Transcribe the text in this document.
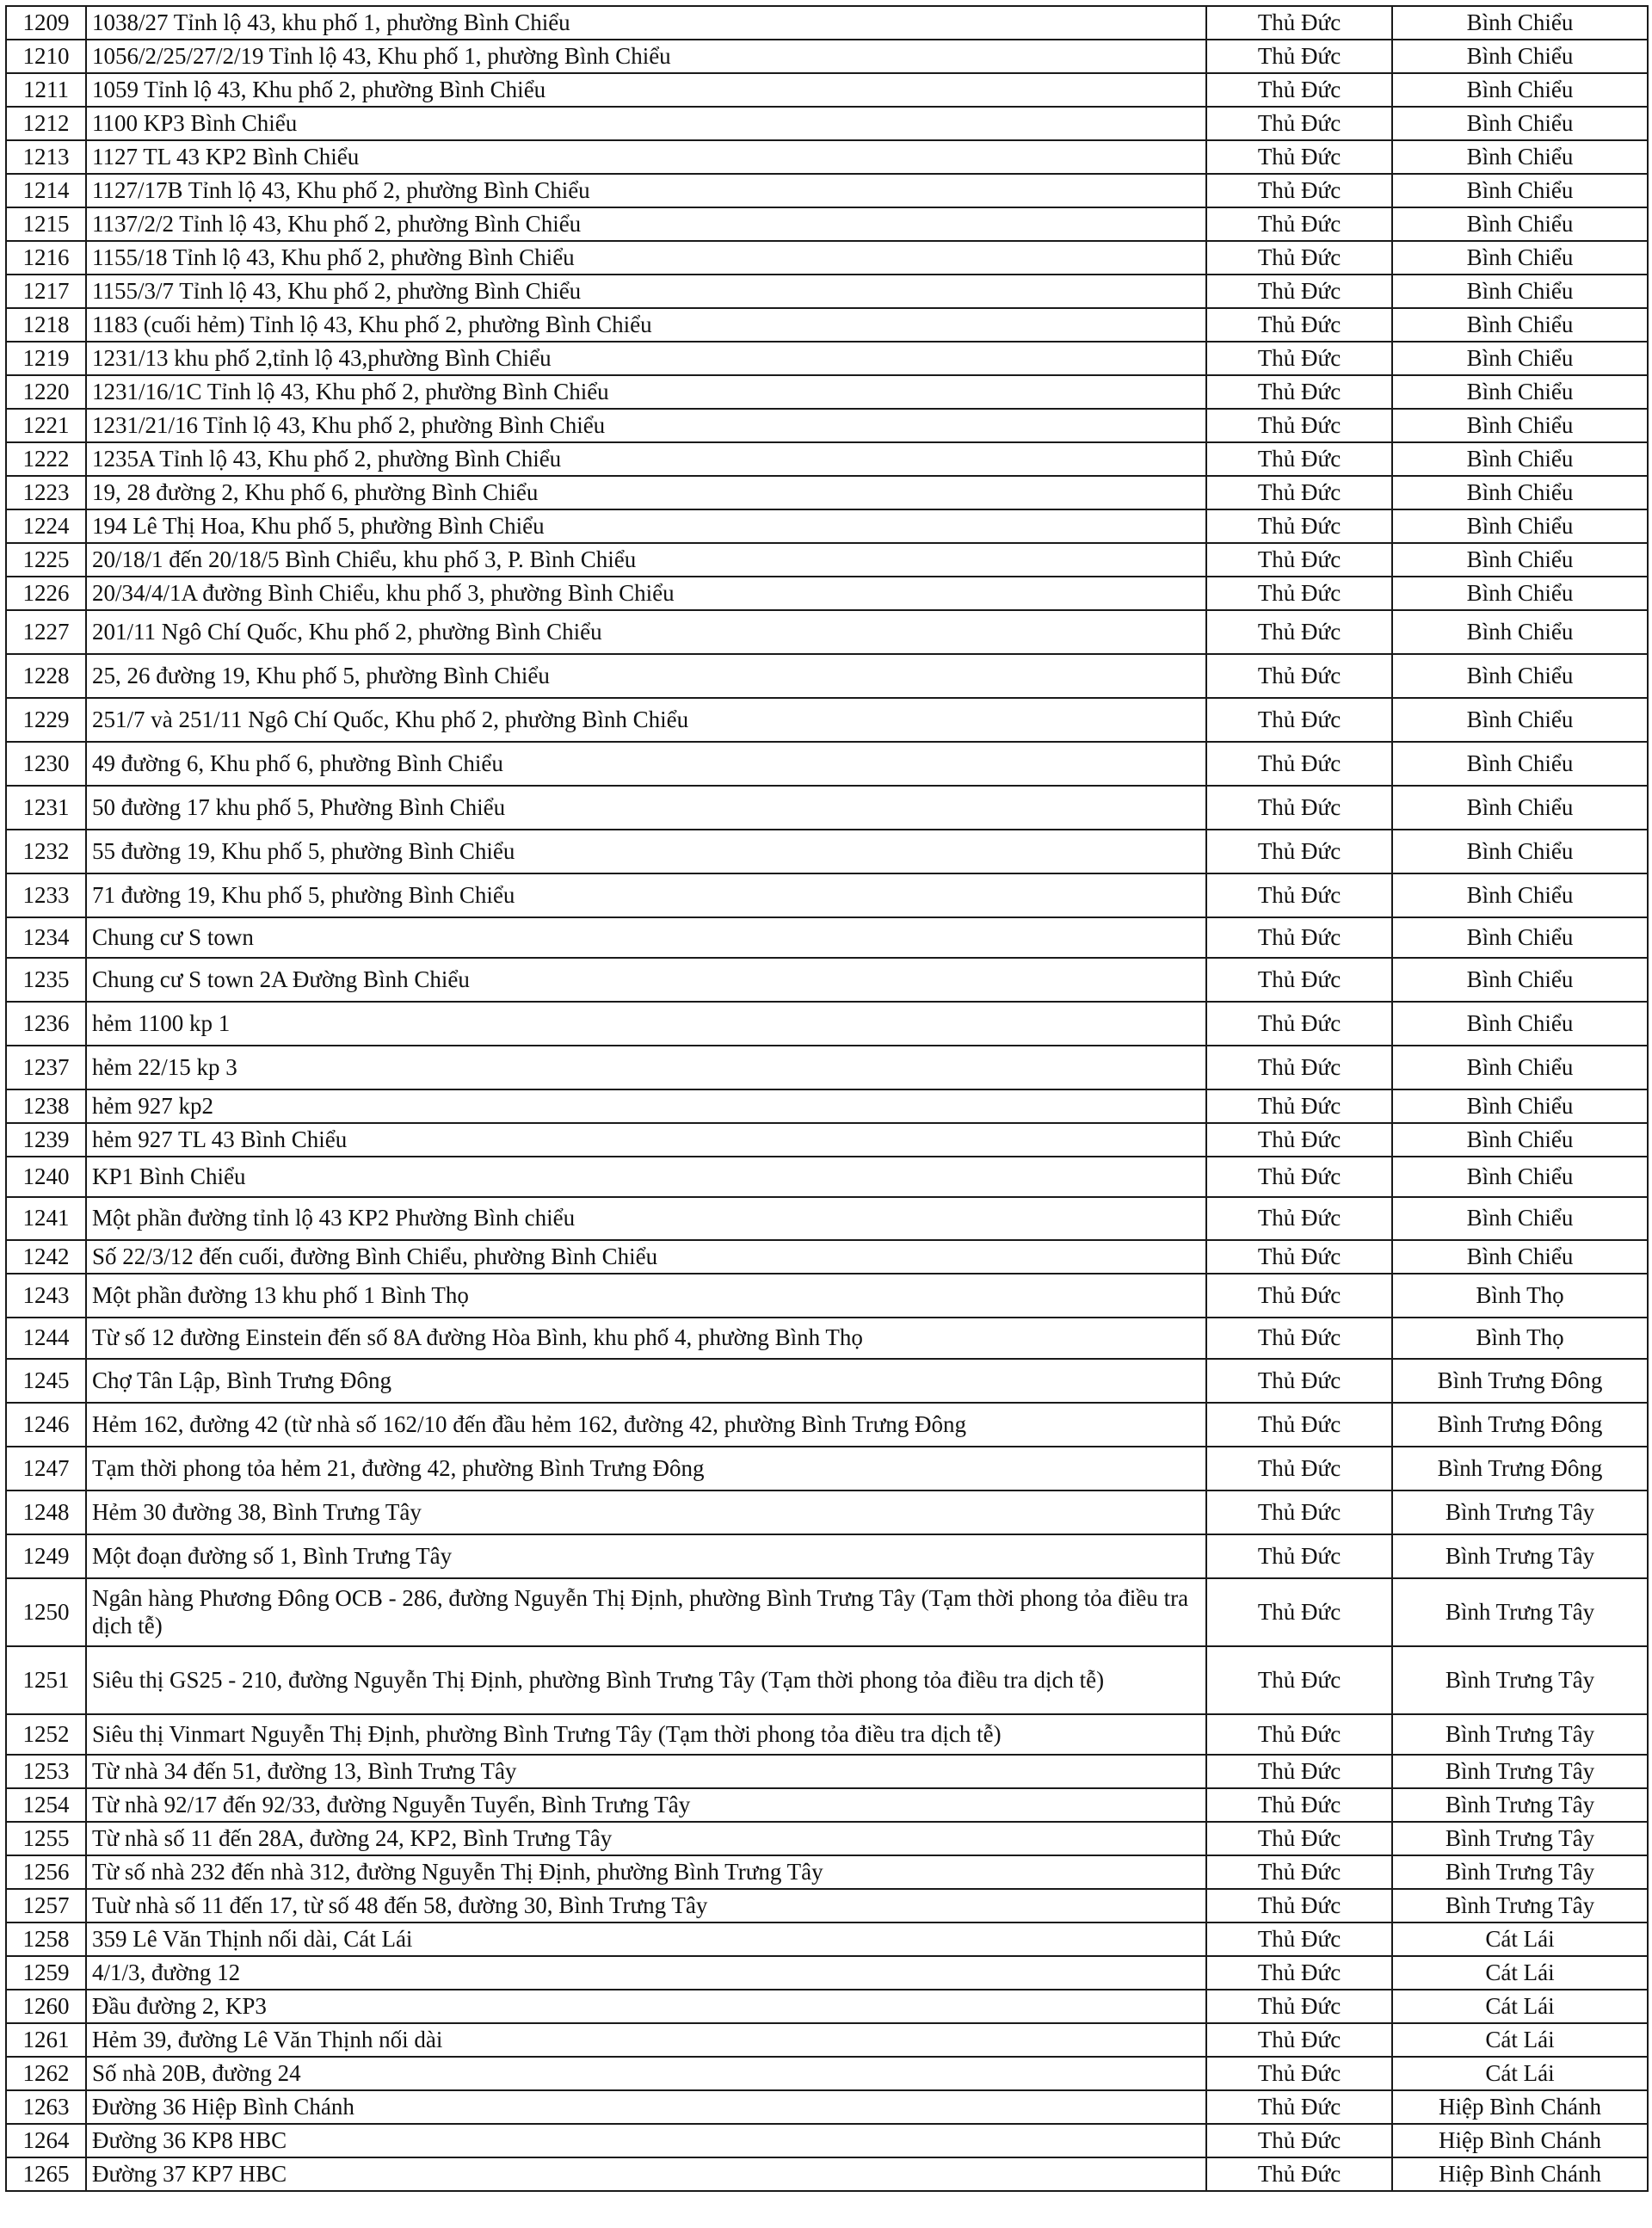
1209	1038/27 Tỉnh lộ 43, khu phố 1, phường Bình Chiểu	Thủ Đức	Bình Chiểu
1210	1056/2/25/27/2/19 Tỉnh lộ 43, Khu phố 1, phường Bình Chiểu	Thủ Đức	Bình Chiểu
1211	1059 Tỉnh lộ 43, Khu phố 2, phường Bình Chiểu	Thủ Đức	Bình Chiểu
1212	1100 KP3 Bình Chiểu	Thủ Đức	Bình Chiểu
1213	1127 TL 43 KP2 Bình Chiểu	Thủ Đức	Bình Chiểu
1214	1127/17B Tỉnh lộ 43, Khu phố 2, phường Bình Chiểu	Thủ Đức	Bình Chiểu
1215	1137/2/2 Tỉnh lộ 43, Khu phố 2, phường Bình Chiểu	Thủ Đức	Bình Chiểu
1216	1155/18 Tỉnh lộ 43, Khu phố 2, phường Bình Chiểu	Thủ Đức	Bình Chiểu
1217	1155/3/7 Tỉnh lộ 43, Khu phố 2, phường Bình Chiểu	Thủ Đức	Bình Chiểu
1218	1183 (cuối hẻm) Tỉnh lộ 43, Khu phố 2, phường Bình Chiểu	Thủ Đức	Bình Chiểu
1219	1231/13 khu phố 2,tỉnh lộ 43,phường Bình Chiểu	Thủ Đức	Bình Chiểu
1220	1231/16/1C Tỉnh lộ 43, Khu phố 2, phường Bình Chiểu	Thủ Đức	Bình Chiểu
1221	1231/21/16 Tỉnh lộ 43, Khu phố 2, phường Bình Chiểu	Thủ Đức	Bình Chiểu
1222	1235A Tỉnh lộ 43, Khu phố 2, phường Bình Chiểu	Thủ Đức	Bình Chiểu
1223	19, 28 đường 2, Khu phố 6, phường Bình Chiểu	Thủ Đức	Bình Chiểu
1224	194 Lê Thị Hoa, Khu phố 5, phường Bình Chiểu	Thủ Đức	Bình Chiểu
1225	20/18/1 đến 20/18/5 Bình Chiểu, khu phố 3, P. Bình Chiểu	Thủ Đức	Bình Chiểu
1226	20/34/4/1A đường Bình Chiểu, khu phố 3, phường Bình Chiểu	Thủ Đức	Bình Chiểu
1227	201/11 Ngô Chí Quốc, Khu phố 2, phường Bình Chiểu	Thủ Đức	Bình Chiểu
1228	25, 26 đường 19, Khu phố 5, phường Bình Chiểu	Thủ Đức	Bình Chiểu
1229	251/7 và 251/11 Ngô Chí Quốc, Khu phố 2, phường Bình Chiểu	Thủ Đức	Bình Chiểu
1230	49 đường 6, Khu phố 6, phường Bình Chiểu	Thủ Đức	Bình Chiểu
1231	50 đường 17 khu phố 5, Phường Bình Chiểu	Thủ Đức	Bình Chiểu
1232	55 đường 19, Khu phố 5, phường Bình Chiểu	Thủ Đức	Bình Chiểu
1233	71 đường 19, Khu phố 5, phường Bình Chiểu	Thủ Đức	Bình Chiểu
1234	Chung cư S town	Thủ Đức	Bình Chiểu
1235	Chung cư S town 2A Đường Bình Chiểu	Thủ Đức	Bình Chiểu
1236	hẻm 1100 kp 1	Thủ Đức	Bình Chiểu
1237	hẻm 22/15 kp 3	Thủ Đức	Bình Chiểu
1238	hẻm 927 kp2	Thủ Đức	Bình Chiểu
1239	hẻm 927 TL 43 Bình Chiểu	Thủ Đức	Bình Chiểu
1240	KP1 Bình Chiểu	Thủ Đức	Bình Chiểu
1241	Một phần đường tỉnh lộ 43 KP2 Phường Bình chiểu	Thủ Đức	Bình Chiểu
1242	Số 22/3/12 đến cuối, đường Bình Chiểu, phường Bình Chiểu	Thủ Đức	Bình Chiểu
1243	Một phần đường 13 khu phố 1 Bình Thọ	Thủ Đức	Bình Thọ
1244	Từ số 12 đường Einstein đến số 8A đường Hòa Bình, khu phố 4, phường Bình Thọ	Thủ Đức	Bình Thọ
1245	Chợ Tân Lập, Bình Trưng Đông	Thủ Đức	Bình Trưng Đông
1246	Hẻm 162, đường 42 (từ nhà số 162/10 đến đầu hẻm 162, đường 42, phường Bình Trưng Đông	Thủ Đức	Bình Trưng Đông
1247	Tạm thời phong tỏa hẻm 21, đường 42, phường Bình Trưng Đông	Thủ Đức	Bình Trưng Đông
1248	Hẻm 30 đường 38, Bình Trưng Tây	Thủ Đức	Bình Trưng Tây
1249	Một đoạn đường số 1, Bình Trưng Tây	Thủ Đức	Bình Trưng Tây
1250	Ngân hàng Phương Đông OCB - 286, đường Nguyễn Thị Định, phường Bình Trưng Tây (Tạm thời phong tỏa điều tra dịch tễ)	Thủ Đức	Bình Trưng Tây
1251	Siêu thị GS25 - 210, đường Nguyễn Thị Định, phường Bình Trưng Tây (Tạm thời phong tỏa điều tra dịch tễ)	Thủ Đức	Bình Trưng Tây
1252	Siêu thị Vinmart Nguyễn Thị Định, phường Bình Trưng Tây (Tạm thời phong tỏa điều tra dịch tễ)	Thủ Đức	Bình Trưng Tây
1253	Từ nhà 34 đến 51, đường 13, Bình Trưng Tây	Thủ Đức	Bình Trưng Tây
1254	Từ nhà 92/17 đến 92/33, đường Nguyễn Tuyển, Bình Trưng Tây	Thủ Đức	Bình Trưng Tây
1255	Từ nhà số 11 đến 28A, đường 24, KP2, Bình Trưng Tây	Thủ Đức	Bình Trưng Tây
1256	Từ số nhà 232 đến nhà 312, đường Nguyễn Thị Định, phường Bình Trưng Tây	Thủ Đức	Bình Trưng Tây
1257	Tuừ nhà số 11 đến 17, từ số 48 đến 58, đường 30, Bình Trưng Tây	Thủ Đức	Bình Trưng Tây
1258	359 Lê Văn Thịnh nối dài, Cát Lái	Thủ Đức	Cát Lái
1259	4/1/3, đường 12	Thủ Đức	Cát Lái
1260	Đầu đường 2, KP3	Thủ Đức	Cát Lái
1261	Hẻm 39, đường Lê Văn Thịnh nối dài	Thủ Đức	Cát Lái
1262	Số nhà 20B, đường 24	Thủ Đức	Cát Lái
1263	Đường 36 Hiệp Bình Chánh	Thủ Đức	Hiệp Bình Chánh
1264	Đường 36 KP8 HBC	Thủ Đức	Hiệp Bình Chánh
1265	Đường 37 KP7 HBC	Thủ Đức	Hiệp Bình Chánh
